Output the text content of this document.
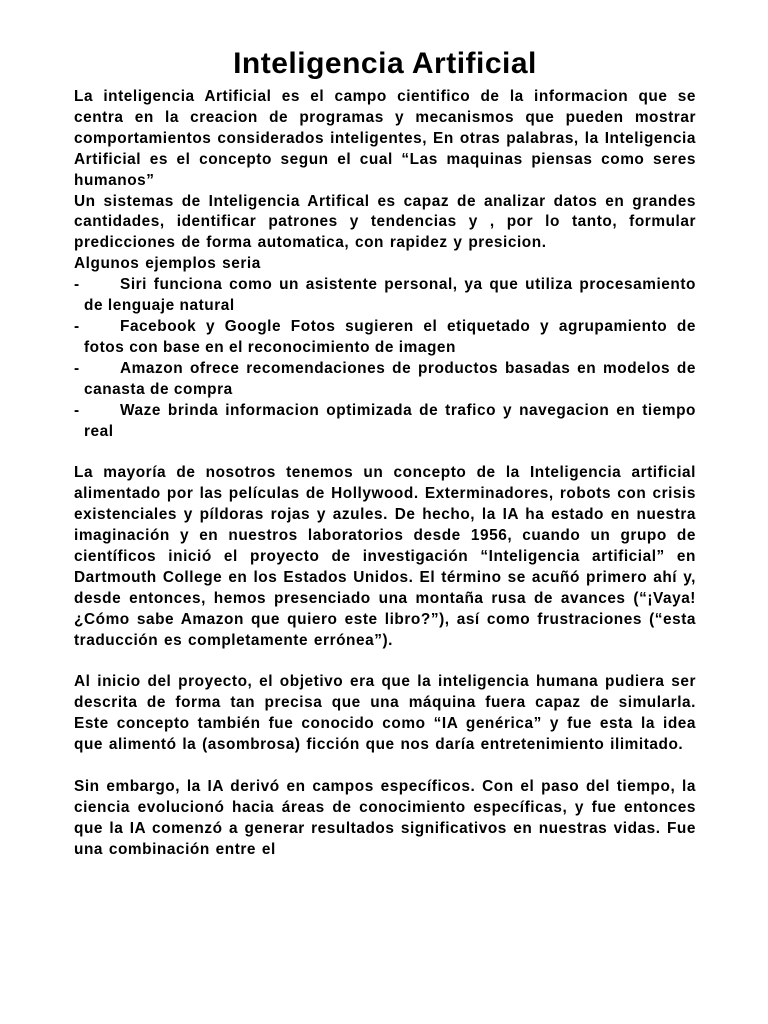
Inteligencia Artificial

La inteligencia Artificial es el campo cientifico de la informacion que se centra en la creacion de programas y mecanismos que pueden mostrar comportamientos considerados inteligentes, En otras palabras, la Inteligencia Artificial es el concepto segun el cual “Las maquinas piensas como seres humanos”

Un sistemas de Inteligencia Artifical es capaz de analizar datos en grandes cantidades, identificar patrones y tendencias y , por lo tanto, formular predicciones de forma automatica, con rapidez y presicion.

Algunos ejemplos seria

-	Siri funciona como un asistente personal, ya que utiliza procesamiento de lenguaje natural
-	Facebook y Google Fotos sugieren el etiquetado y agrupamiento de fotos con base en el reconocimiento de imagen
-	Amazon ofrece recomendaciones de productos basadas en modelos de canasta de compra
-	Waze brinda informacion optimizada de trafico y navegacion en tiempo real

La mayoría de nosotros tenemos un concepto de la Inteligencia artificial alimentado por las películas de Hollywood. Exterminadores, robots con crisis existenciales y píldoras rojas y azules. De hecho, la IA ha estado en nuestra imaginación y en nuestros laboratorios desde 1956, cuando un grupo de científicos inició el proyecto de investigación “Inteligencia artificial” en Dartmouth College en los Estados Unidos. El término se acuñó primero ahí y, desde entonces, hemos presenciado una montaña rusa de avances (“¡Vaya! ¿Cómo sabe Amazon que quiero este libro?”), así como frustraciones (“esta traducción es completamente errónea”).

Al inicio del proyecto, el objetivo era que la inteligencia humana pudiera ser descrita de forma tan precisa que una máquina fuera capaz de simularla. Este concepto también fue conocido como “IA genérica” y fue esta la idea que alimentó la (asombrosa) ficción que nos daría entretenimiento ilimitado.

Sin embargo, la IA derivó en campos específicos. Con el paso del tiempo, la ciencia evolucionó hacia áreas de conocimiento específicas, y fue entonces que la IA comenzó a generar resultados significativos en nuestras vidas. Fue una combinación entre el
